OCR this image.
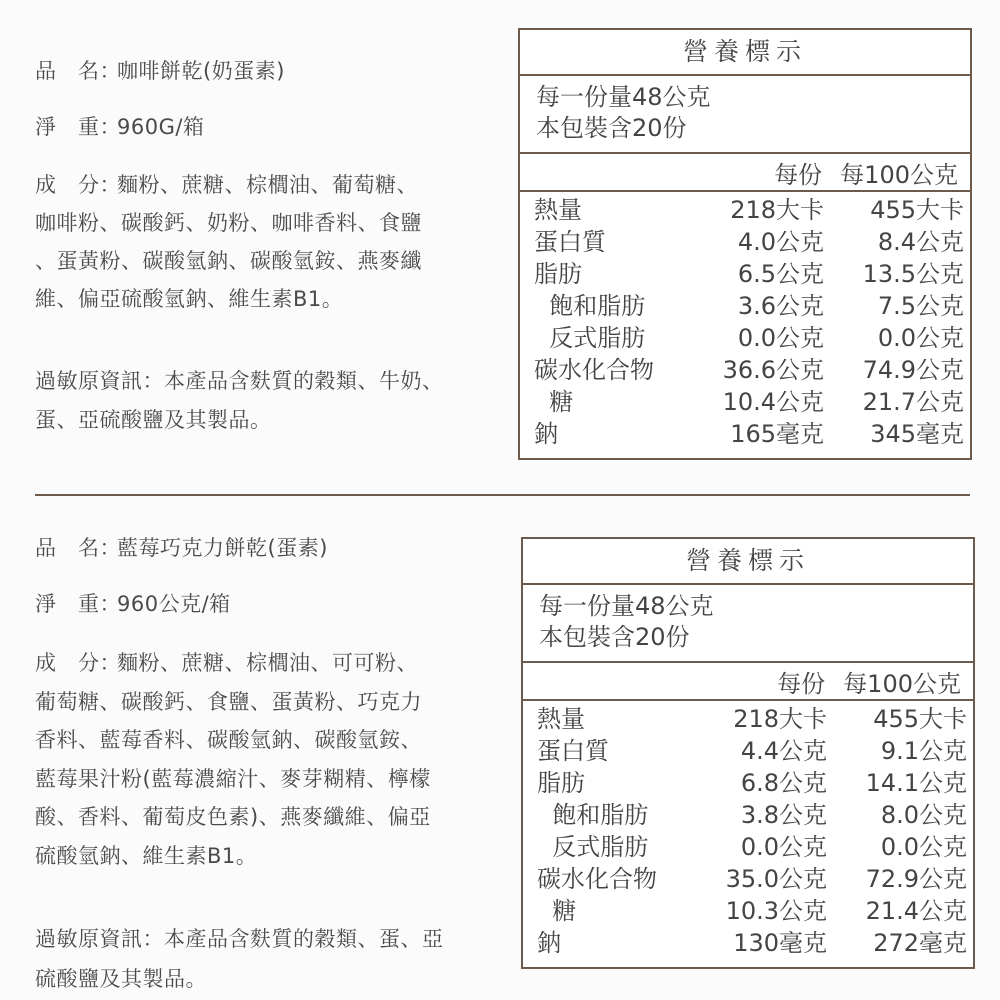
品　名：
咖啡餅乾(奶蛋素)
淨　重：
960G/箱
成　分：
麵粉、蔗糖、棕櫚油、葡萄糖、
咖啡粉、碳酸鈣、奶粉、咖啡香料、食鹽
、蛋黃粉、碳酸氫鈉、碳酸氫銨、燕麥纖
維、偏亞硫酸氫鈉、維生素B1。
過敏原資訊：本產品含麩質的穀類、牛奶、
蛋、亞硫酸鹽及其製品。
營養標示
每一份量48公克
本包裝含20份
每份 每100公克
熱量	218大卡	455大卡
蛋白質	4.0公克	8.4公克
脂肪	6.5公克	13.5公克
飽和脂肪	3.6公克	7.5公克
反式脂肪	0.0公克	0.0公克
碳水化合物	36.6公克	74.9公克
糖	10.4公克	21.7公克
鈉	165毫克	345毫克
品　名：
藍莓巧克力餅乾(蛋素)
淨　重：
960公克/箱
成　分：
麵粉、蔗糖、棕櫚油、可可粉、
葡萄糖、碳酸鈣、食鹽、蛋黃粉、巧克力
香料、藍莓香料、碳酸氫鈉、碳酸氫銨、
藍莓果汁粉(藍莓濃縮汁、麥芽糊精、檸檬
酸、香料、葡萄皮色素)、燕麥纖維、偏亞
硫酸氫鈉、維生素B1。
過敏原資訊：本產品含麩質的穀類、蛋、亞
硫酸鹽及其製品。
營養標示
每一份量48公克
本包裝含20份
每份 每100公克
熱量	218大卡	455大卡
蛋白質	4.4公克	9.1公克
脂肪	6.8公克	14.1公克
飽和脂肪	3.8公克	8.0公克
反式脂肪	0.0公克	0.0公克
碳水化合物	35.0公克	72.9公克
糖	10.3公克	21.4公克
鈉	130毫克	272毫克
